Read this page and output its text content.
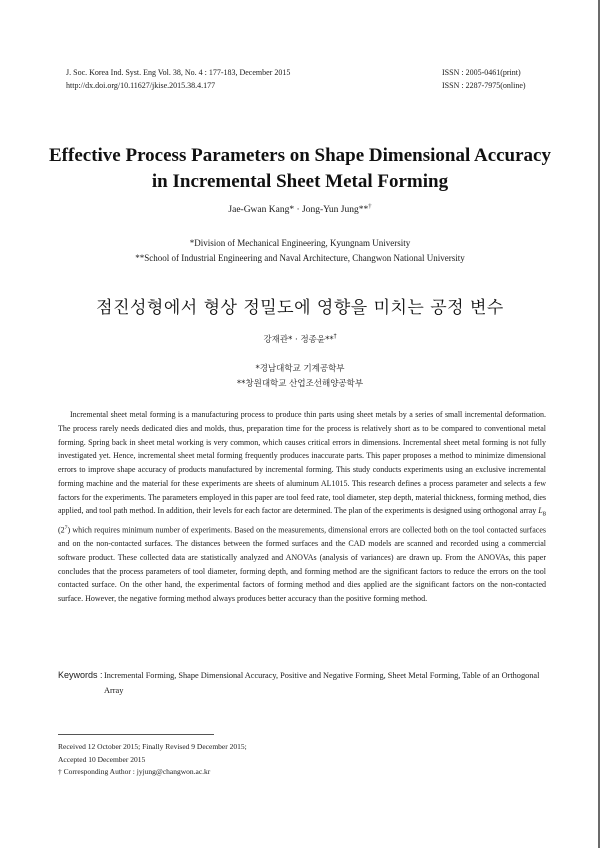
J. Soc. Korea Ind. Syst. Eng Vol. 38, No. 4 : 177-183, December 2015
http://dx.doi.org/10.11627/jkise.2015.38.4.177
ISSN : 2005-0461(print)
ISSN : 2287-7975(online)
Effective Process Parameters on Shape Dimensional Accuracy
in Incremental Sheet Metal Forming
Jae-Gwan Kang* · Jong-Yun Jung**†
*Division of Mechanical Engineering, Kyungnam University
**School of Industrial Engineering and Naval Architecture, Changwon National University
점진성형에서 형상 정밀도에 영향을 미치는 공정 변수
강재관* · 정종윤**†
*경남대학교 기계공학부
**창원대학교 산업조선해양공학부

Incremental sheet metal forming is a manufacturing process to produce thin parts using sheet metals by a series of small incremental deformation. The process rarely needs dedicated dies and molds, thus, preparation time for the process is relatively short as to be compared to conventional metal forming. Spring back in sheet metal working is very common, which causes critical errors in dimensions. Incremental sheet metal forming is not fully investigated yet. Hence, incremental sheet metal forming frequently produces inaccurate parts. This paper proposes a method to minimize dimensional errors to improve shape accuracy of products manufactured by incremental forming. This study conducts experiments using an exclusive incremental forming machine and the material for these experiments are sheets of aluminum AL1015. This research defines a process parameter and selects a few factors for the experiments. The parameters employed in this paper are tool feed rate, tool diameter, step depth, material thickness, forming method, dies applied, and tool path method. In addition, their levels for each factor are determined. The plan of the experiments is designed using orthogonal array $L_8$ $(2^7)$ which requires minimum number of experiments. Based on the measurements, dimensional errors are collected both on the tool contacted surfaces and on the non-contacted surfaces. The distances between the formed surfaces and the CAD models are scanned and recorded using a commercial software product. These collected data are statistically analyzed and ANOVAs (analysis of variances) are drawn up. From the ANOVAs, this paper concludes that the process parameters of tool diameter, forming depth, and forming method are the significant factors to reduce the errors on the tool contacted surface. On the other hand, the experimental factors of forming method and dies applied are the significant factors on the non-contacted surface. However, the negative forming method always produces better accuracy than the positive forming method.

Keywords : Incremental Forming, Shape Dimensional Accuracy, Positive and Negative Forming, Sheet Metal Forming, Table of an Orthogonal Array
Received 12 October 2015; Finally Revised 9 December 2015;
Accepted 10 December 2015
† Corresponding Author : jyjung@changwon.ac.kr
